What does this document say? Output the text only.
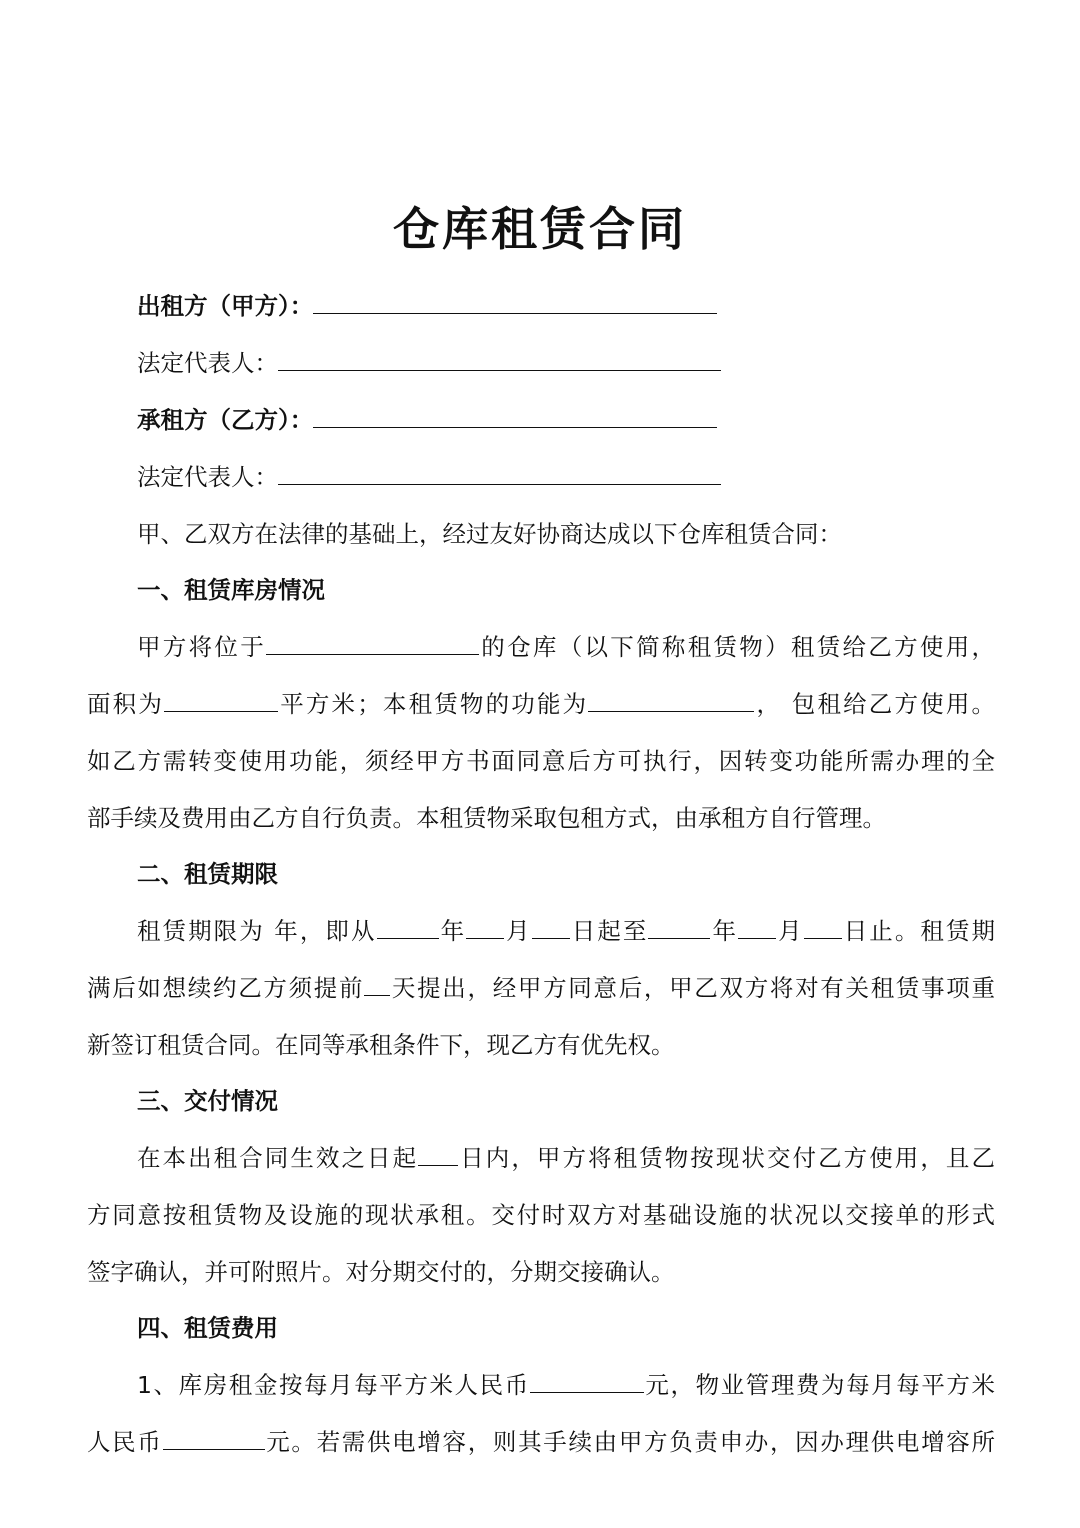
仓库租赁合同
出租方（甲方）：
法定代表人：
承租方（乙方）：
法定代表人：
甲、乙双方在法律的基础上，经过友好协商达成以下仓库租赁合同：
一、租赁库房情况
甲方将位于	的仓库（以下简称租赁物）租赁给乙方使用，
面积为	平方米；本租赁物的功能为	， 包租给乙方使用。
如乙方需转变使用功能，须经甲方书面同意后方可执行，因转变功能所需办理的全
部手续及费用由乙方自行负责。本租赁物采取包租方式，由承租方自行管理。
二、租赁期限
租赁期限为 年，即从	年 月 日起至	年 月 日止。租赁期
满后如想续约乙方须提前 天提出，经甲方同意后，甲乙双方将对有关租赁事项重
新签订租赁合同。在同等承租条件下，现乙方有优先权。
三、交付情况
在本出租合同生效之日起 日内，甲方将租赁物按现状交付乙方使用，且乙
方同意按租赁物及设施的现状承租。交付时双方对基础设施的状况以交接单的形式
签字确认，并可附照片。对分期交付的，分期交接确认。
四、租赁费用
1、库房租金按每月每平方米人民币	元，物业管理费为每月每平方米
人民币	元。若需供电增容，则其手续由甲方负责申办，因办理供电增容所
